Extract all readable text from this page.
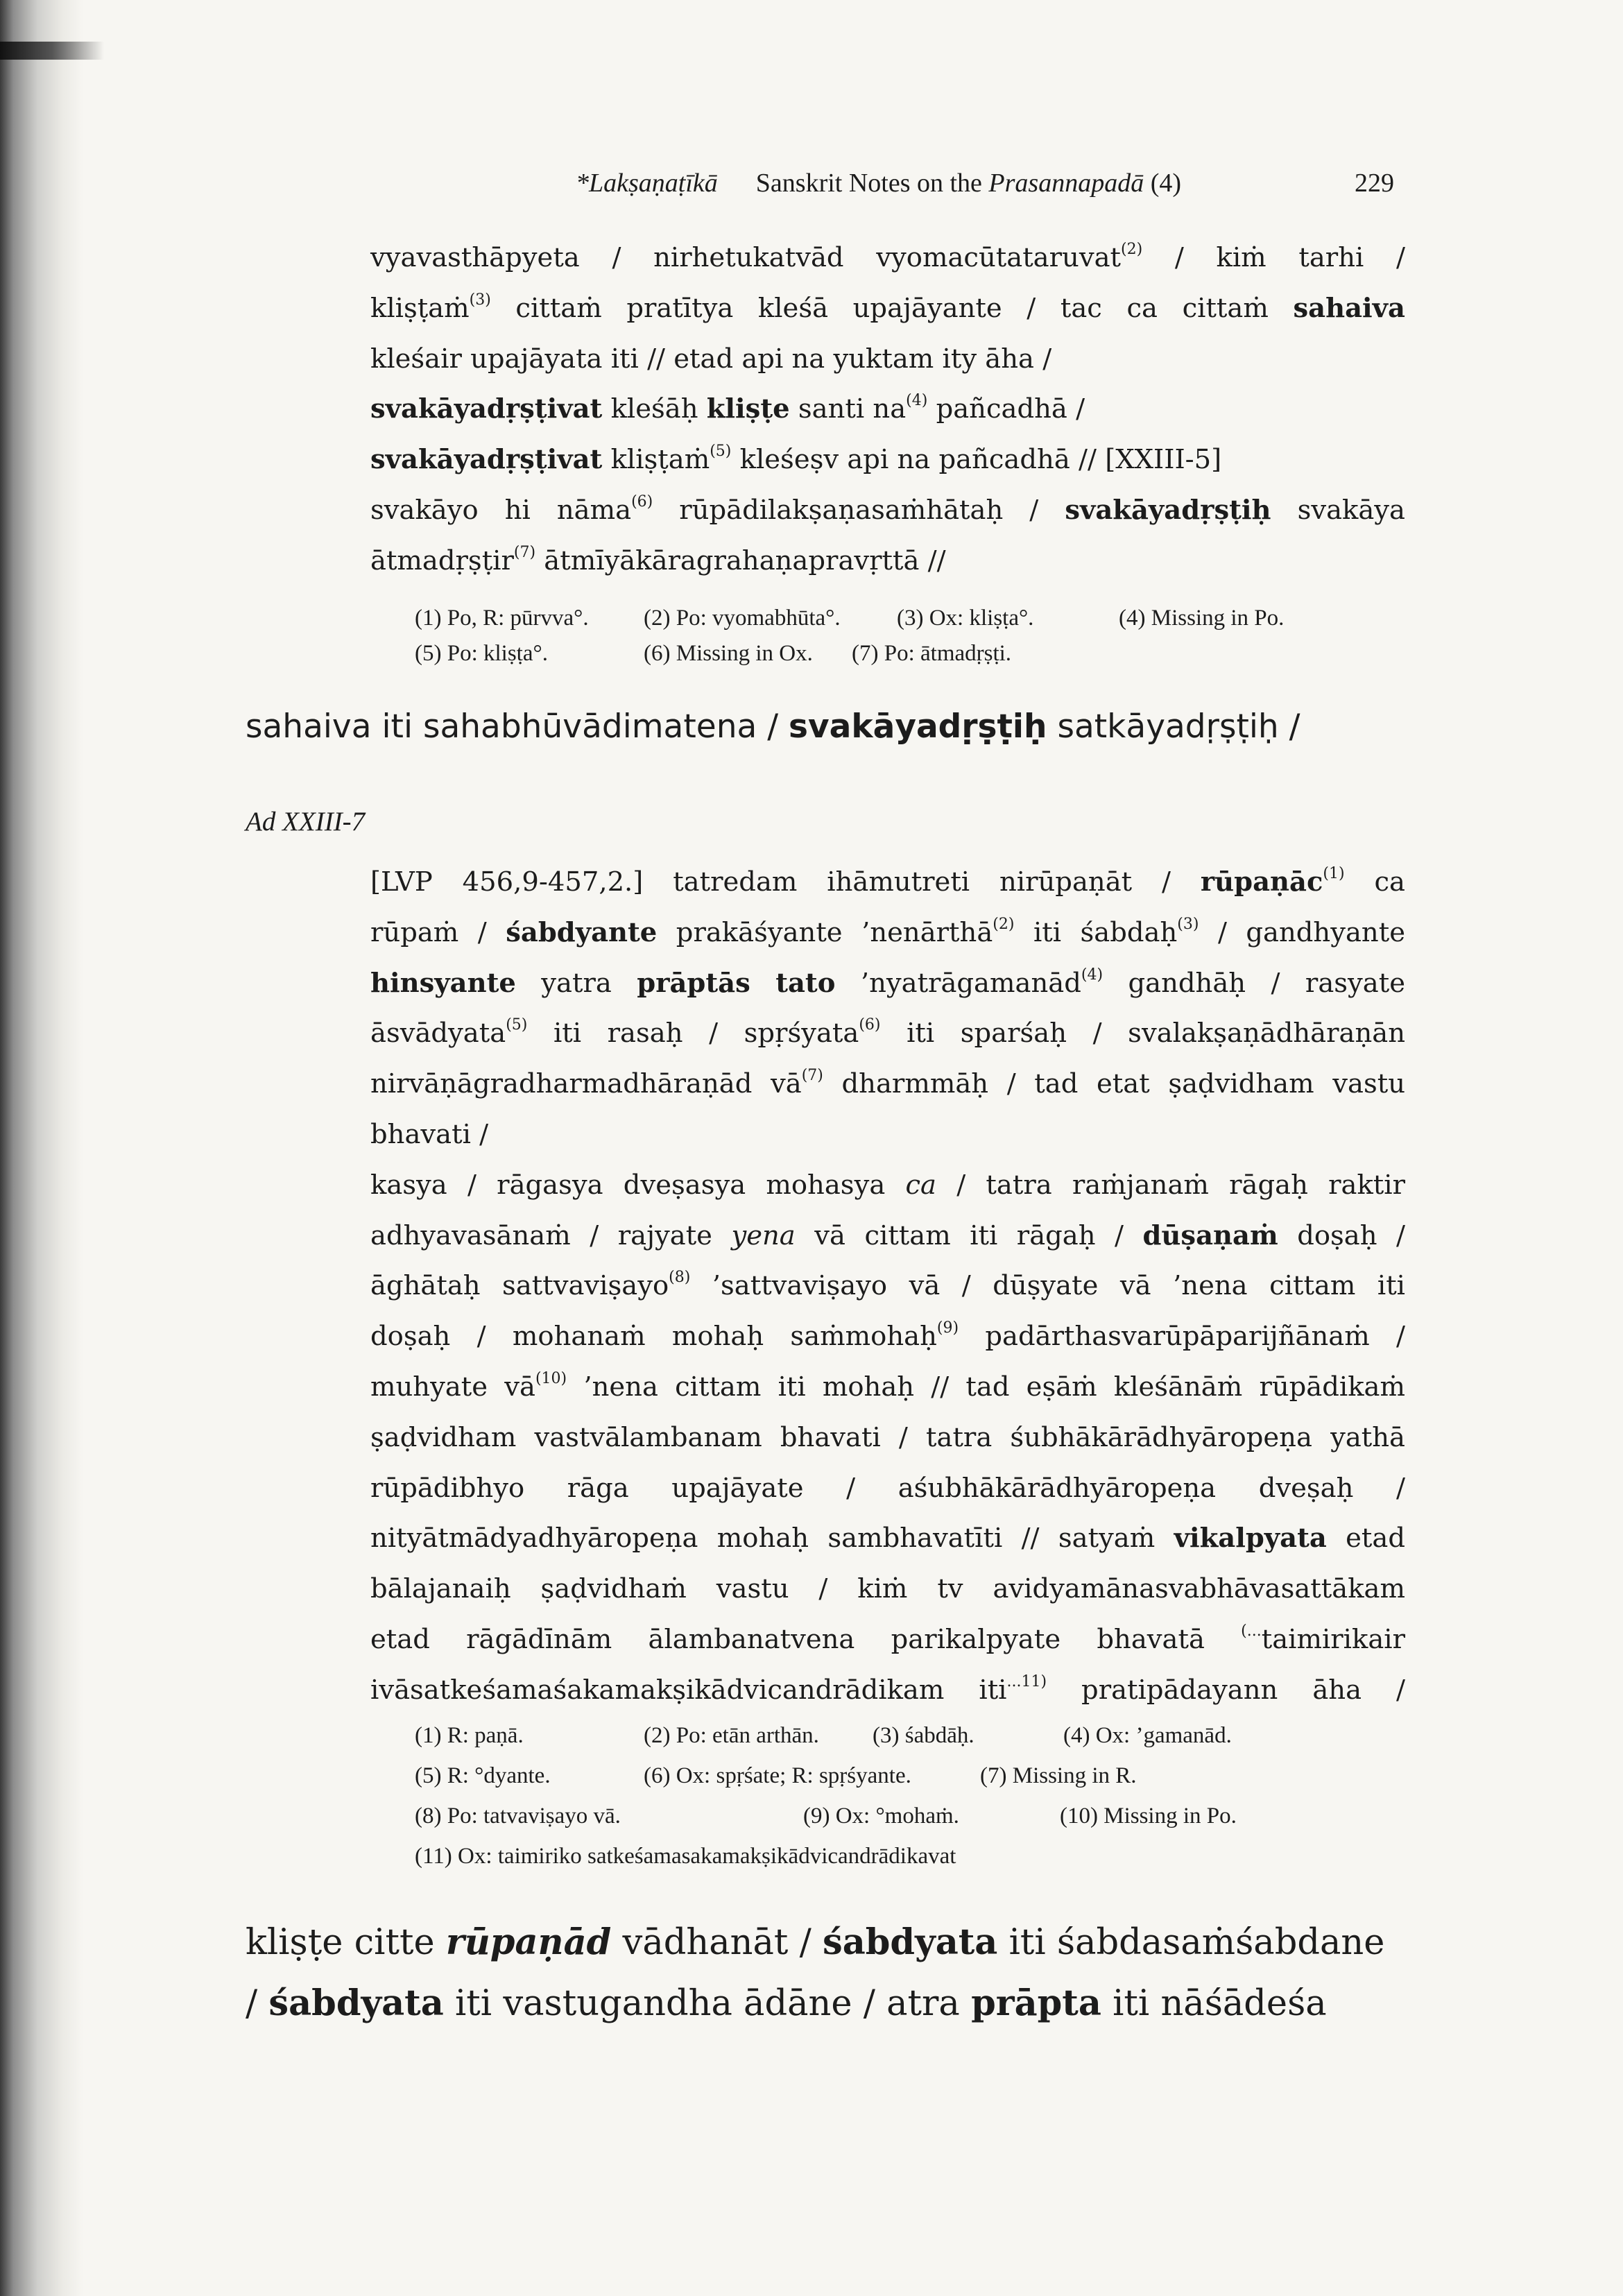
*Lakṣaṇaṭīkā Sanskrit Notes on the Prasannapadā (4)	229
vyavasthāpyeta / nirhetukatvād vyomacūtataruvat$^{(2)}$ / kiṁ tarhi /
kliṣṭaṁ$^{(3)}$ cittaṁ pratītya kleśā upajāyante / tac ca cittaṁ sahaiva
kleśair upajāyata iti // etad api na yuktam ity āha /
svakāyadṛṣṭivat kleśāḥ kliṣṭe santi $na^{(4)}$ pañcadhā /
svakāyadṛṣṭivat kliṣṭaṁ$^{(5)}$ kleśeṣv api na pañcadhā // [XXIII-5]
svakāyo hi nāma$^{(6)}$ rūpādilakṣaṇasaṁhātaḥ / svakāyadṛṣṭiḥ svakāya
ātmadṛṣṭir$^{(7)}$ ātmīyākāragrahaṇapravṛttā //
(1) Po, R: pūrvva°. (2) Po: vyomabhūta°. (3) Ox: kliṣṭa°.	(4) Missing in Po.
(5) Po: kliṣṭa°.	(6) Missing in Ox. (7) Po: ātmadṛṣṭi.
sahaiva iti sahabhūvādimatena / svakāyadṛṣṭiḥ satkāyadṛṣṭiḥ /
Ad XXIII-7
[LVP 456,9-457,2.] tatredam ihāmutreti nirūpaṇāt / rūpaṇāc$^{(1)}$ ca
rūpaṁ / śabdyante prakāśyante ’nenārthā$^{(2)}$ iti śabdaḥ$^{(3)}$ / gandhyante
hinsyante yatra prāptās tato ’nyatrāgamanād$^{(4)}$ gandhāḥ / rasyate
āsvādyata$^{(5)}$ iti rasaḥ / spṛśyata$^{(6)}$ iti sparśaḥ / svalakṣaṇādhāraṇān
nirvāṇāgradharmadhāraṇād $vā^{(7)}$ dharmmāḥ / tad etat ṣaḍvidham vastu
bhavati /
kasya / rāgasya dveṣasya mohasya ca / tatra raṁjanaṁ rāgaḥ raktir
adhyavasānaṁ / rajyate yena vā cittam iti rāgaḥ / dūṣaṇaṁ doṣaḥ /
āghātaḥ sattvaviṣayo$^{(8)}$ ’sattvaviṣayo vā / dūṣyate vā ’nena cittam iti
doṣaḥ / mohanaṁ mohaḥ saṁmohaḥ$^{(9)}$ padārthasvarūpāparijñānaṁ /
muhyate $vā^{(10)}$ ’nena cittam iti mohaḥ // tad eṣāṁ kleśānāṁ rūpādikaṁ
ṣaḍvidham vastvālambanam bhavati / tatra śubhākārādhyāropeṇa yathā
rūpādibhyo rāga upajāyate / aśubhākārādhyāropeṇa dveṣaḥ /
nityātmādyadhyāropeṇa mohaḥ sambhavatīti // satyaṁ vikalpyata etad
bālajanaiḥ ṣaḍvidhaṁ vastu / kiṁ tv avidyamānasvabhāvasattākam
etad rāgādīnām ālambanatvena parikalpyate bhavatā (...taimirikair
ivāsatkeśamaśakamakṣikādvicandrādikam iti$^{...11)}$ pratipādayann āha /
(1) R: paṇā.	(2) Po: etān arthān. (3) śabdāḥ.	(4) Ox: ’gamanād.
(5) R: °dyante.	(6) Ox: spṛśate; R: spṛśyante.	(7) Missing in R.
(8) Po: tatvaviṣayo vā.	(9) Ox: °mohaṁ.	(10) Missing in Po.
(11) Ox: taimiriko satkeśamasakamakṣikādvicandrādikavat
kliṣṭe citte rūpaṇād vādhanāt / śabdyata iti śabdasaṁśabdane
/ śabdyata iti vastugandha ādāne / atra prāpta iti nāśādeśa
